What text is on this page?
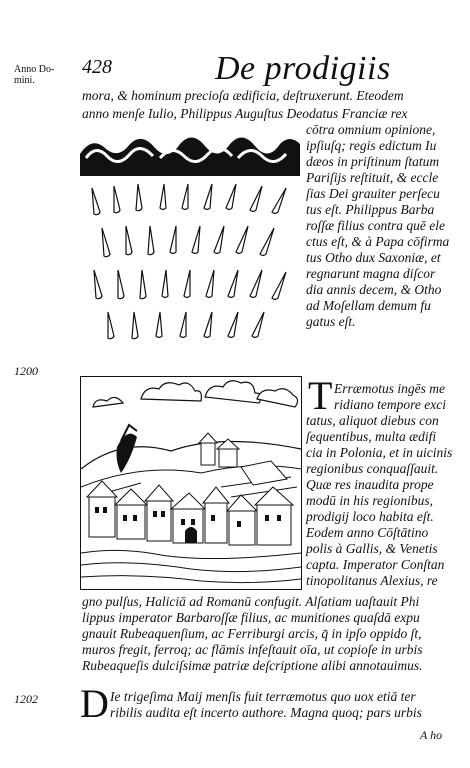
Anno Do- mini.
428	De prodigiis
mora, & hominum precioſa ædificia, deſtruxerunt. Eteodem
anno menſe Iulio, Philippus Auguſtus Deodatus Franciæ rex
cōtra omnium opinione,
ipſiuſq; regis edictum Iu
dæos in priſtinum ſtatum
Pariſijs reſtituit, & eccle
ſias Dei grauiter perſecu
tus eſt. Philippus Barba
roſſæ filius contra quē ele
ctus eſt, & à Papa cōfirma
tus Otho dux Saxoniæ, et
regnarunt magna diſcor
dia annis decem, & Otho
ad Moſellam demum fu
gatus eſt.
1200
T Erræmotus ingēs me
ridiano tempore exci
tatus, aliquot diebus con
ſequentibus, multa ædifi
cia in Polonia, et in uicinis
regionibus conquaſſauit.
Quæ res inaudita prope
modū in his regionibus,
prodigij loco habita eſt.
Eodem anno Cōſtātino
polis à Gallis, & Venetis
capta. Imperator Conſtan
tinopolitanus Alexius, re
gno pulſus, Haliciā ad Romanū confugit. Alſatiam uaſtauit Phi
lippus imperator Barbaroſſæ filius, ac munitiones quaſdā expu
gnauit Rubeaquenſium, ac Ferriburgi arcis, q̄ in ipſo oppido ſt,
muros fregit, ferroq; ac flāmis infeſtauit oīa, ut copioſe in urbis
Rubeaqueſis dulciſsimæ patriæ deſcriptione alibi annotauimus.
1202 D Ie trigeſima Maij menſis fuit terræmotus quo uox etiā ter
ribilis audita eſt incerto authore. Magna quoq; pars urbis
A ho
